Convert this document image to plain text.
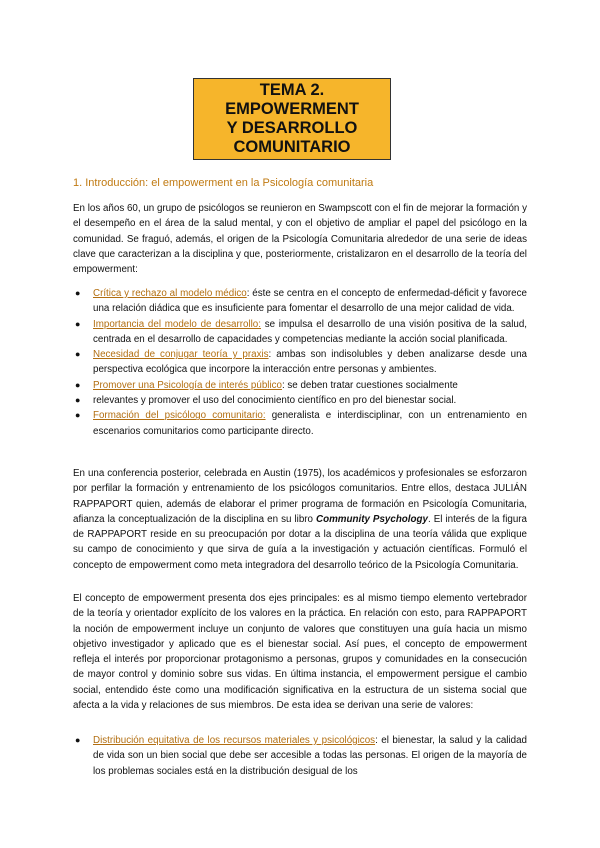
TEMA 2. EMPOWERMENT
Y DESARROLLO
COMUNITARIO
1. Introducción: el empowerment en la Psicología comunitaria

En los años 60, un grupo de psicólogos se reunieron en Swampscott con el fin de mejorar la formación y el desempeño en el área de la salud mental, y con el objetivo de ampliar el papel del psicólogo en la comunidad. Se fraguó, además, el origen de la Psicología Comunitaria alrededor de una serie de ideas clave que caracterizan a la disciplina y que, posteriormente, cristalizaron en el desarrollo de la teoría del empowerment:

● Crítica y rechazo al modelo médico: éste se centra en el concepto de enfermedad-déficit y favorece una relación diádica que es insuficiente para fomentar el desarrollo de una mejor calidad de vida.
● Importancia del modelo de desarrollo: se impulsa el desarrollo de una visión positiva de la salud, centrada en el desarrollo de capacidades y competencias mediante la acción social planificada.
● Necesidad de conjugar teoría y praxis: ambas son indisolubles y deben analizarse desde una perspectiva ecológica que incorpore la interacción entre personas y ambientes.
● Promover una Psicología de interés público: se deben tratar cuestiones socialmente
● relevantes y promover el uso del conocimiento científico en pro del bienestar social.
● Formación del psicólogo comunitario: generalista e interdisciplinar, con un entrenamiento en escenarios comunitarios como participante directo.

En una conferencia posterior, celebrada en Austin (1975), los académicos y profesionales se esforzaron por perfilar la formación y entrenamiento de los psicólogos comunitarios. Entre ellos, destaca JULIÁN RAPPAPORT quien, además de elaborar el primer programa de formación en Psicología Comunitaria, afianza la conceptualización de la disciplina en su libro Community Psychology. El interés de la figura de RAPPAPORT reside en su preocupación por dotar a la disciplina de una teoría válida que explique su campo de conocimiento y que sirva de guía a la investigación y actuación científicas. Formuló el concepto de empowerment como meta integradora del desarrollo teórico de la Psicología Comunitaria.

El concepto de empowerment presenta dos ejes principales: es al mismo tiempo elemento vertebrador de la teoría y orientador explícito de los valores en la práctica. En relación con esto, para RAPPAPORT la noción de empowerment incluye un conjunto de valores que constituyen una guía hacia un mismo objetivo investigador y aplicado que es el bienestar social. Así pues, el concepto de empowerment refleja el interés por proporcionar protagonismo a personas, grupos y comunidades en la consecución de mayor control y dominio sobre sus vidas. En última instancia, el empowerment persigue el cambio social, entendido éste como una modificación significativa en la estructura de un sistema social que afecta a la vida y relaciones de sus miembros. De esta idea se derivan una serie de valores:

● Distribución equitativa de los recursos materiales y psicológicos: el bienestar, la salud y la calidad de vida son un bien social que debe ser accesible a todas las personas. El origen de la mayoría de los problemas sociales está en la distribución desigual de los
